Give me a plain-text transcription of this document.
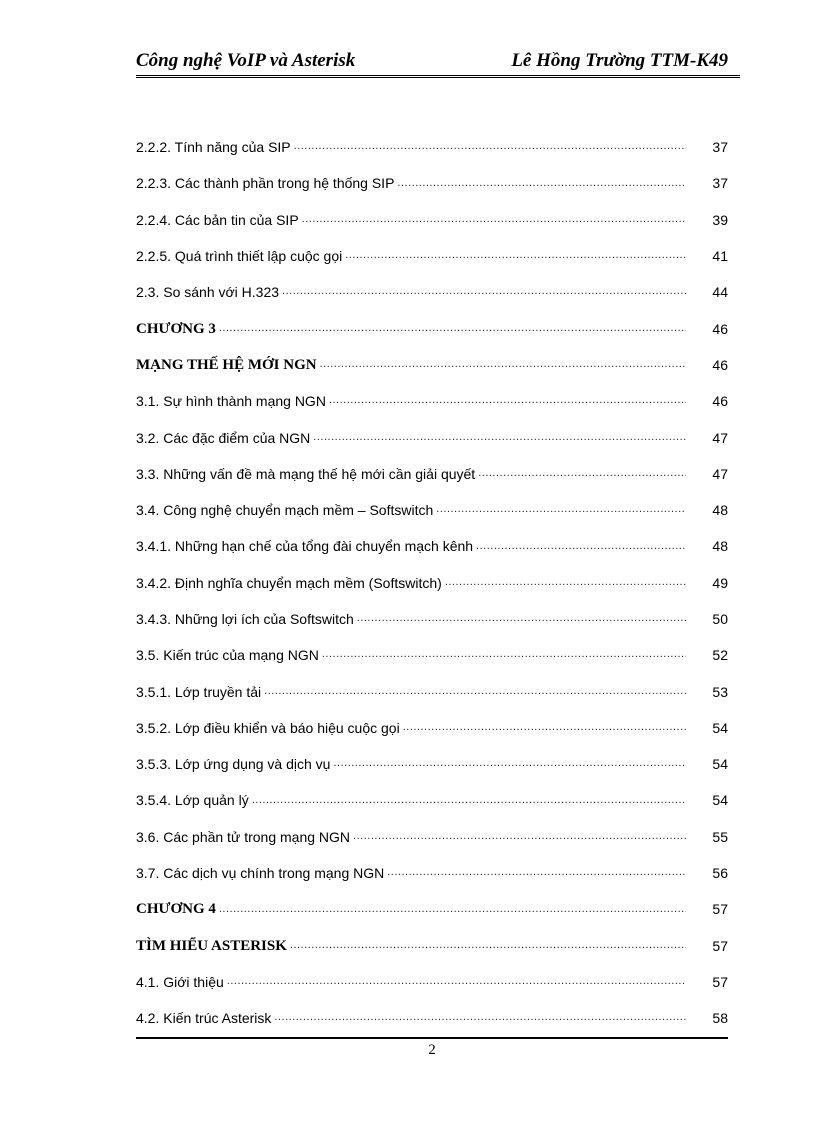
Công nghệ VoIP và Asterisk	Lê Hồng Trường TTM-K49
2.2.2. Tính năng của SIP .....	37
2.2.3. Các thành phần trong hệ thống SIP .....	37
2.2.4. Các bản tin của SIP .....	39
2.2.5. Quá trình thiết lập cuộc gọi .....	41
2.3. So sánh với H.323 .....	44
CHƯƠNG 3 .....	46
MẠNG THẾ HỆ MỚI NGN .....	46
3.1. Sự hình thành mạng NGN .....	46
3.2. Các đặc điểm của NGN .....	47
3.3. Những vấn đề mà mạng thế hệ mới cần giải quyết .....	47
3.4. Công nghệ chuyển mạch mềm – Softswitch .....	48
3.4.1. Những hạn chế của tổng đài chuyển mạch kênh .....	48
3.4.2. Định nghĩa chuyển mạch mềm (Softswitch) .....	49
3.4.3. Những lợi ích của Softswitch .....	50
3.5. Kiến trúc của mạng NGN .....	52
3.5.1. Lớp truyền tải .....	53
3.5.2. Lớp điều khiển và báo hiệu cuộc gọi .....	54
3.5.3. Lớp ứng dụng và dịch vụ .....	54
3.5.4. Lớp quản lý .....	54
3.6. Các phần tử trong mạng NGN .....	55
3.7. Các dịch vụ chính trong mạng NGN .....	56
CHƯƠNG 4 .....	57
TÌM HIỂU ASTERISK .....	57
4.1. Giới thiệu .....	57
4.2. Kiến trúc Asterisk .....	58
2
